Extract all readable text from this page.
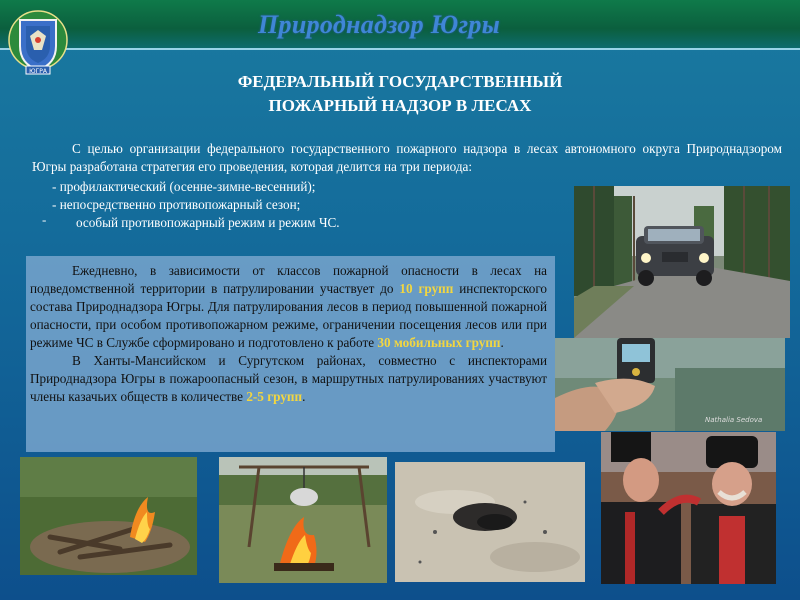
Природнадзор Югры
ЮГРА
ФЕДЕРАЛЬНЫЙ ГОСУДАРСТВЕННЫЙ
ПОЖАРНЫЙ НАДЗОР В ЛЕСАХ

С целью организации федерального государственного пожарного надзора в лесах автономного округа Природнадзором Югры разработана стратегия его проведения, которая делится на три периода:

- профилактический (осенне-зимне-весенний);
- непосредственно противопожарный сезон;
особый противопожарный режим и режим ЧС.
-
Nathalia Sedova

Ежедневно, в зависимости от классов пожарной опасности в лесах на подведомственной территории в патрулировании участвует до 10 групп инспекторского состава Природнадзора Югры. Для патрулирования лесов в период повышенной пожарной опасности, при особом противопожарном режиме, ограничении посещения лесов или при режиме ЧС в Службе сформировано и подготовлено к работе 30 мобильных групп.

В Ханты-Мансийском и Сургутском районах, совместно с инспекторами Природнадзора Югры в пожароопасный сезон, в маршрутных патрулированиях участвуют члены казачьих обществ в количестве 2-5 групп.
